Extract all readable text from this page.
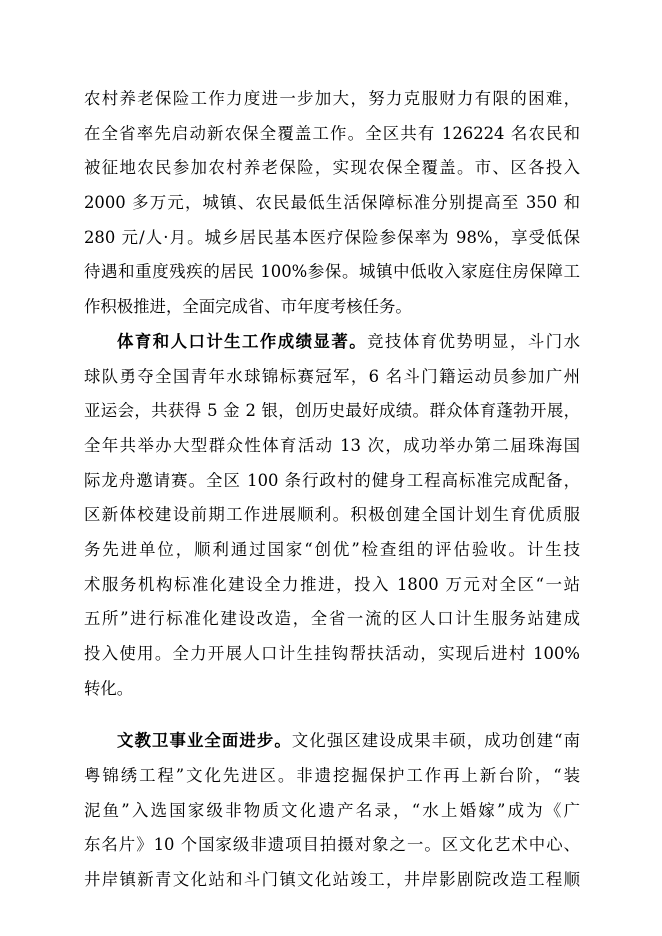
农村养老保险工作力度进一步加大，努力克服财力有限的困难，
在全省率先启动新农保全覆盖工作。全区共有 126224 名农民和
被征地农民参加农村养老保险，实现农保全覆盖。市、区各投入
2000 多万元，城镇、农民最低生活保障标准分别提高至 350 和
280 元/人·月。城乡居民基本医疗保险参保率为 98%，享受低保
待遇和重度残疾的居民 100%参保。城镇中低收入家庭住房保障工
作积极推进，全面完成省、市年度考核任务。
体育和人口计生工作成绩显著。竞技体育优势明显，斗门水
球队勇夺全国青年水球锦标赛冠军，6 名斗门籍运动员参加广州
亚运会，共获得 5 金 2 银，创历史最好成绩。群众体育蓬勃开展，
全年共举办大型群众性体育活动 13 次，成功举办第二届珠海国
际龙舟邀请赛。全区 100 条行政村的健身工程高标准完成配备，
区新体校建设前期工作进展顺利。积极创建全国计划生育优质服
务先进单位，顺利通过国家“创优”检查组的评估验收。计生技
术服务机构标准化建设全力推进，投入 1800 万元对全区“一站
五所”进行标准化建设改造，全省一流的区人口计生服务站建成
投入使用。全力开展人口计生挂钩帮扶活动，实现后进村 100%
转化。
文教卫事业全面进步。文化强区建设成果丰硕，成功创建“南
粤锦绣工程”文化先进区。非遗挖掘保护工作再上新台阶，“装
泥鱼”入选国家级非物质文化遗产名录，“水上婚嫁”成为《广
东名片》10 个国家级非遗项目拍摄对象之一。区文化艺术中心、
井岸镇新青文化站和斗门镇文化站竣工，井岸影剧院改造工程顺
